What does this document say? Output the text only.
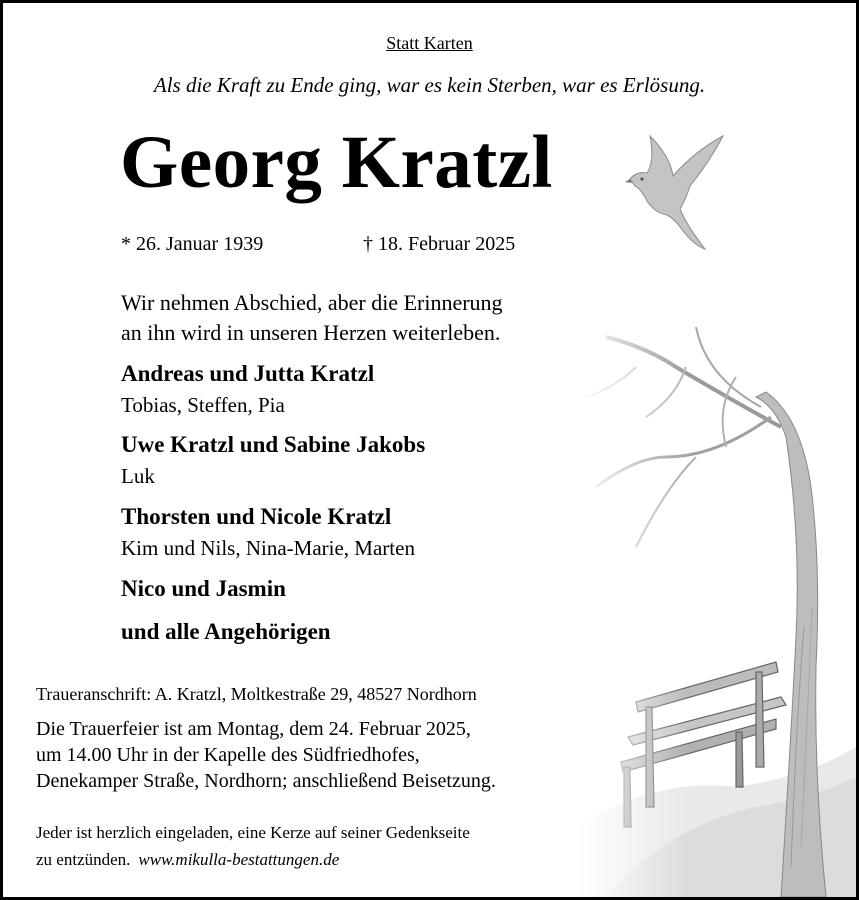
Statt Karten
Als die Kraft zu Ende ging, war es kein Sterben, war es Erlösung.
Georg Kratzl
* 26. Januar 1939	† 18. Februar 2025
Wir nehmen Abschied, aber die Erinnerung
an ihn wird in unseren Herzen weiterleben.
Andreas und Jutta Kratzl
Tobias, Steffen, Pia
Uwe Kratzl und Sabine Jakobs
Luk
Thorsten und Nicole Kratzl
Kim und Nils, Nina-Marie, Marten
Nico und Jasmin
und alle Angehörigen
Traueranschrift: A. Kratzl, Moltkestraße 29, 48527 Nordhorn
Die Trauerfeier ist am Montag, dem 24. Februar 2025,
um 14.00 Uhr in der Kapelle des Südfriedhofes,
Denekamper Straße, Nordhorn; anschließend Beisetzung.
Jeder ist herzlich eingeladen, eine Kerze auf seiner Gedenkseite
zu entzünden. www.mikulla-bestattungen.de
